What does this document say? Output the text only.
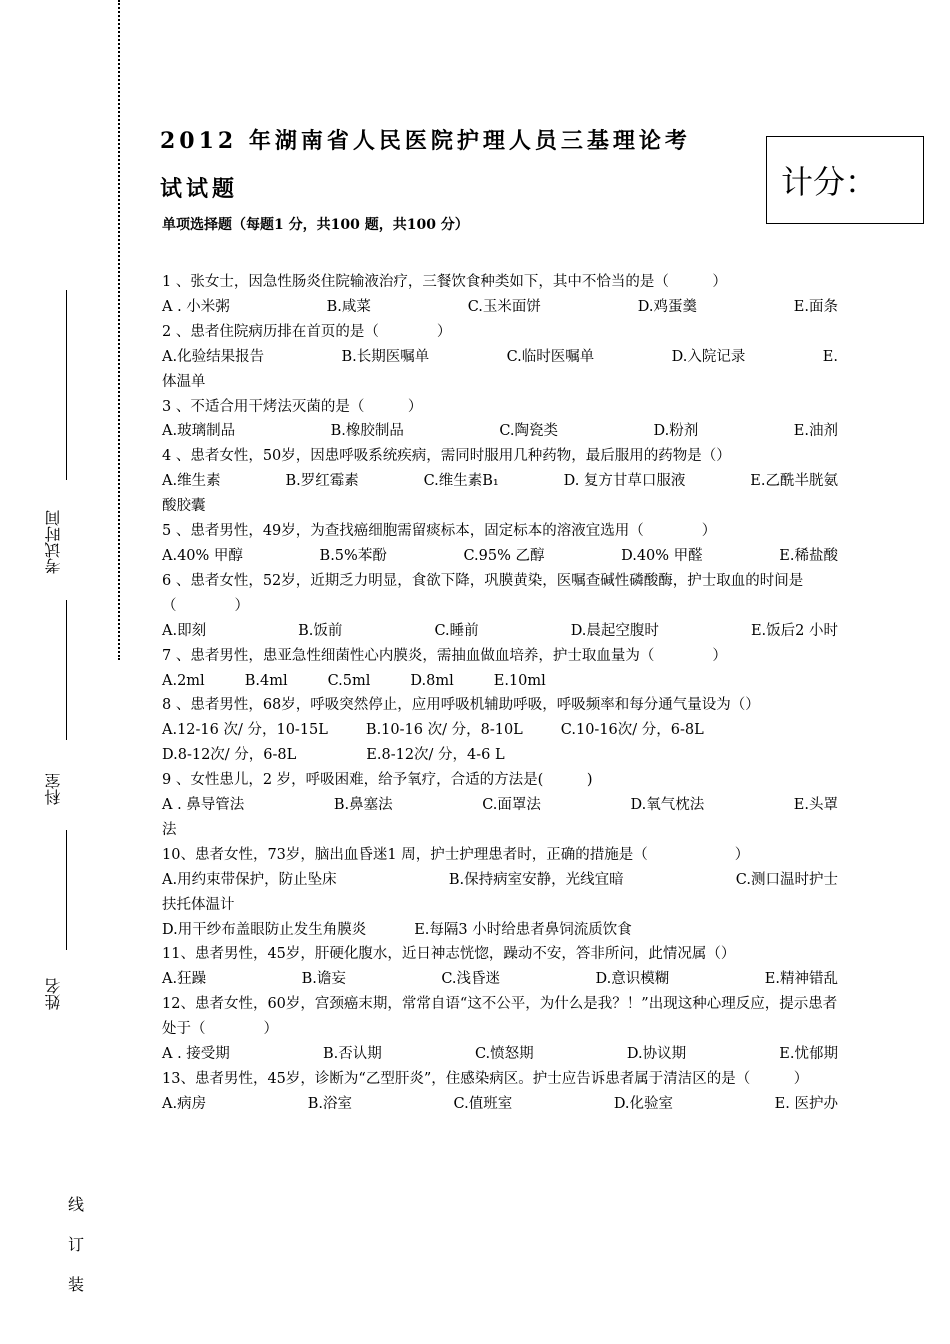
考试时间
科室
姓名
线
订
装
2012 年湖南省人民医院护理人员三基理论考
试试题	计分：
单项选择题（每题1 分，共100 题，共100 分）
1 、张女士，因急性肠炎住院输液治疗，三餐饮食种类如下，其中不恰当的是（　　　）
A . 小米粥	B.咸菜	C.玉米面饼	D.鸡蛋羹	E.面条
2 、患者住院病历排在首页的是（　　　　）
A.化验结果报告	B.长期医嘱单	C.临时医嘱单	D.入院记录	E.
体温单
3 、不适合用干烤法灭菌的是（　　　）
A.玻璃制品	B.橡胶制品	C.陶瓷类	D.粉剂	E.油剂
4 、患者女性，50岁，因患呼吸系统疾病，需同时服用几种药物，最后服用的药物是（）
A.维生素	B.罗红霉素	C.维生素B₁	D. 复方甘草口服液	E.乙酰半胱氨
酸胶囊
5 、患者男性，49岁，为查找癌细胞需留痰标本，固定标本的溶液宜选用（　　　　）
A.40% 甲醇	B.5%苯酚	C.95% 乙醇	D.40% 甲醛	E.稀盐酸
6 、患者女性，52岁，近期乏力明显，食欲下降，巩膜黄染，医嘱查碱性磷酸酶，护士取血的时间是（　　　　）
A.即刻	B.饭前	C.睡前	D.晨起空腹时	E.饭后2 小时
7 、患者男性，患亚急性细菌性心内膜炎，需抽血做血培养，护士取血量为（　　　　）
A.2ml	B.4ml	C.5ml	D.8ml	E.10ml
8 、患者男性，68岁，呼吸突然停止，应用呼吸机辅助呼吸，呼吸频率和每分通气量设为（）
A.12-16 次/ 分，10-15L	B.10-16 次/ 分，8-10L	C.10-16次/ 分，6-8L
D.8-12次/ 分，6-8L	E.8-12次/ 分，4-6 L
9 、女性患儿，2 岁，呼吸困难，给予氧疗，合适的方法是(　　　)
A . 鼻导管法	B.鼻塞法	C.面罩法	D.氧气枕法	E.头罩
法
10、患者女性，73岁，脑出血昏迷1 周，护士护理患者时，正确的措施是（　　　　　　）
A.用约束带保护，防止坠床	B.保持病室安静，光线宜暗	C.测口温时护士
扶托体温计
D.用干纱布盖眼防止发生角膜炎	E.每隔3 小时给患者鼻饲流质饮食
11、患者男性，45岁，肝硬化腹水，近日神志恍惚，躁动不安，答非所问，此情况属（）
A.狂躁	B.谵妄	C.浅昏迷	D.意识模糊	E.精神错乱
12、患者女性，60岁，宫颈癌末期，常常自语“这不公平，为什么是我？！”出现这种心理反应，提示患者处于（　　　　）
A . 接受期	B.否认期	C.愤怒期	D.协议期	E.忧郁期
13、患者男性，45岁，诊断为“乙型肝炎”，住感染病区。护士应告诉患者属于清洁区的是（　　　）
A.病房	B.浴室	C.值班室	D.化验室	E. 医护办
